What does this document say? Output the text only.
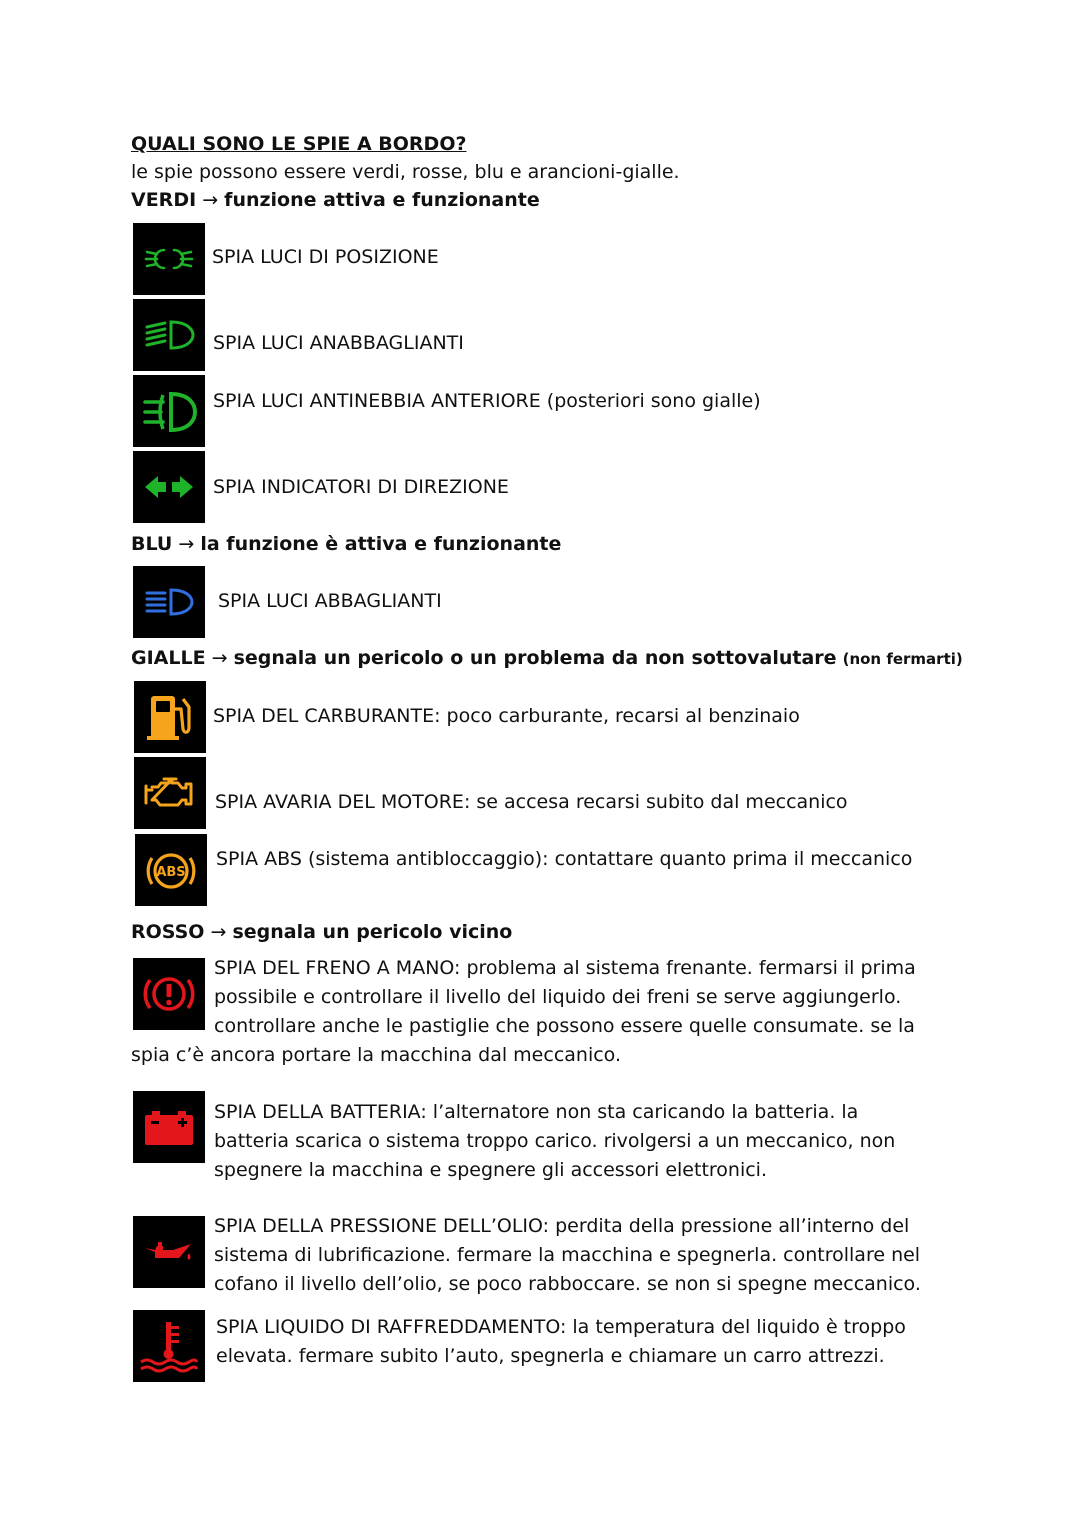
QUALI SONO LE SPIE A BORDO?

le spie possono essere verdi, rosse, blu e arancioni-gialle.

VERDI → funzione attiva e funzionante

SPIA LUCI DI POSIZIONE

SPIA LUCI ANABBAGLIANTI

SPIA LUCI ANTINEBBIA ANTERIORE (posteriori sono gialle)

SPIA INDICATORI DI DIREZIONE

BLU → la funzione è attiva e funzionante

SPIA LUCI ABBAGLIANTI

GIALLE → segnala un pericolo o un problema da non sottovalutare (non fermarti)

SPIA DEL CARBURANTE: poco carburante, recarsi al benzinaio

SPIA AVARIA DEL MOTORE: se accesa recarsi subito dal meccanico

ABS

SPIA ABS (sistema antibloccaggio): contattare quanto prima il meccanico

ROSSO → segnala un pericolo vicino

SPIA DEL FRENO A MANO: problema al sistema frenante. fermarsi il prima

possibile e controllare il livello del liquido dei freni se serve aggiungerlo.

controllare anche le pastiglie che possono essere quelle consumate. se la

spia c’è ancora portare la macchina dal meccanico.

SPIA DELLA BATTERIA: l’alternatore non sta caricando la batteria. la

batteria scarica o sistema troppo carico. rivolgersi a un meccanico, non

spegnere la macchina e spegnere gli accessori elettronici.

SPIA DELLA PRESSIONE DELL’OLIO: perdita della pressione all’interno del

sistema di lubrificazione. fermare la macchina e spegnerla. controllare nel

cofano il livello dell’olio, se poco rabboccare. se non si spegne meccanico.

SPIA LIQUIDO DI RAFFREDDAMENTO: la temperatura del liquido è troppo

elevata. fermare subito l’auto, spegnerla e chiamare un carro attrezzi.
